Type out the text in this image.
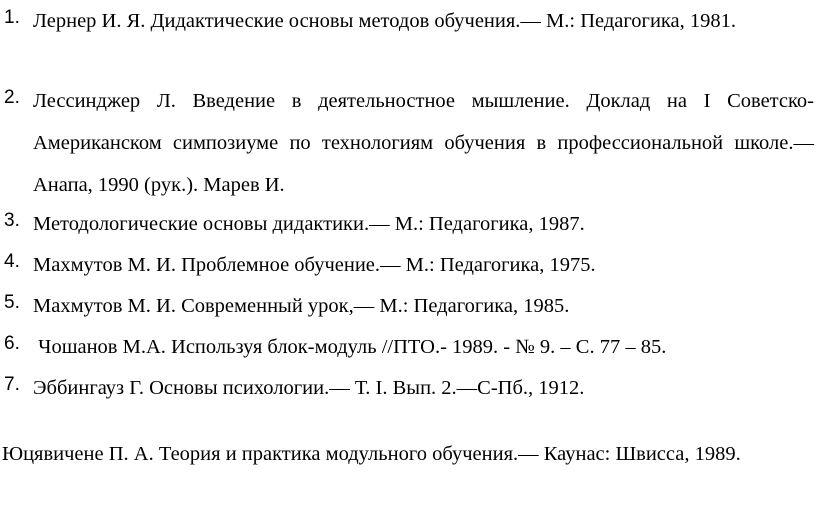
1. Лернер И. Я. Дидактические основы методов обучения.— М.: Педагогика, 1981.
2. Лессинджер Л. Введение в деятельностное мышление. Доклад на I Советско-Американском симпозиуме по технологиям обучения в профессиональной школе.— Анапа, 1990 (рук.). Марев И.
3. Методологические основы дидактики.— М.: Педагогика, 1987.
4. Махмутов М. И. Проблемное обучение.— М.: Педагогика, 1975.
5. Махмутов М. И. Современный урок,— М.: Педагогика, 1985.
6. Чошанов М.А. Используя блок-модуль //ПТО.- 1989. - № 9. – С. 77 – 85.
7. Эббингауз Г. Основы психологии.— Т. I. Вып. 2.—С-Пб., 1912.

Юцявичене П. А. Теория и практика модульного обучения.— Каунас: Швисса, 1989.
